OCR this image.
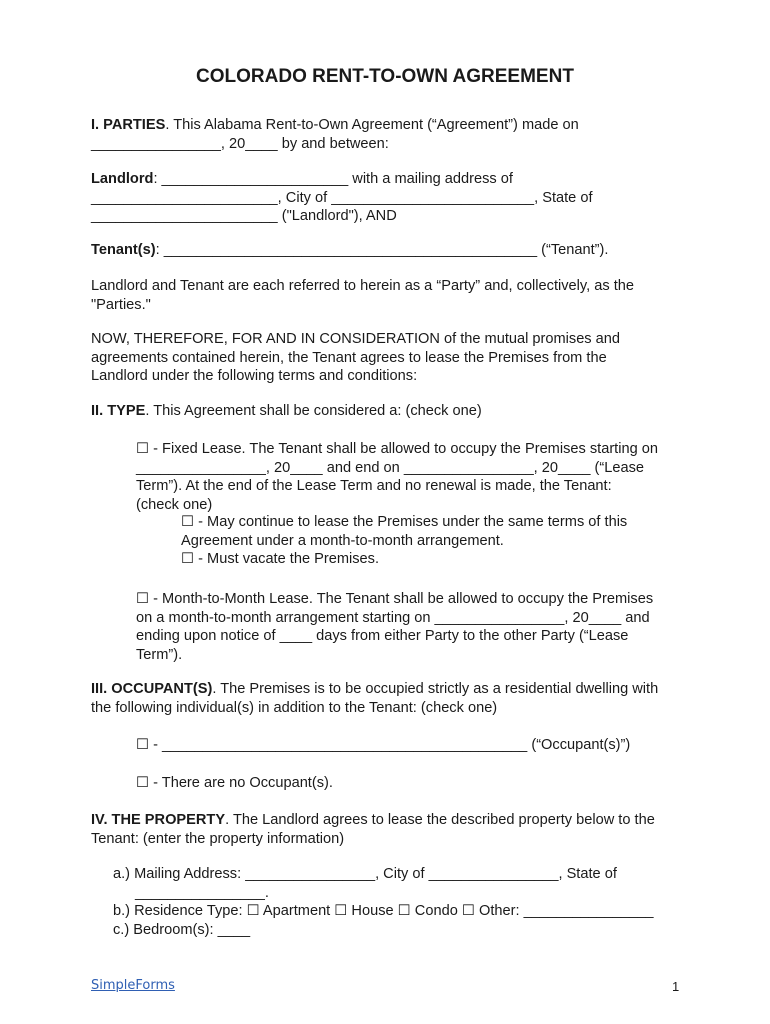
COLORADO RENT-TO-OWN AGREEMENT

I. PARTIES. This Alabama Rent-to-Own Agreement (“Agreement”) made on
________________, 20____ by and between:

Landlord: _______________________ with a mailing address of
_______________________, City of _________________________, State of
_______________________ ("Landlord"), AND

Tenant(s): ______________________________________________ (“Tenant”).

Landlord and Tenant are each referred to herein as a “Party” and, collectively, as the
"Parties."

NOW, THEREFORE, FOR AND IN CONSIDERATION of the mutual promises and
agreements contained herein, the Tenant agrees to lease the Premises from the
Landlord under the following terms and conditions:

II. TYPE. This Agreement shall be considered a: (check one)

☐ - Fixed Lease. The Tenant shall be allowed to occupy the Premises starting on
________________, 20____ and end on ________________, 20____ (“Lease
Term”). At the end of the Lease Term and no renewal is made, the Tenant:
(check one)

☐ - May continue to lease the Premises under the same terms of this
Agreement under a month-to-month arrangement.
☐ - Must vacate the Premises.

☐ - Month-to-Month Lease. The Tenant shall be allowed to occupy the Premises
on a month-to-month arrangement starting on ________________, 20____ and
ending upon notice of ____ days from either Party to the other Party (“Lease
Term”).

III. OCCUPANT(S). The Premises is to be occupied strictly as a residential dwelling with
the following individual(s) in addition to the Tenant: (check one)

☐ - _____________________________________________ (“Occupant(s)”)

☐ - There are no Occupant(s).

IV. THE PROPERTY. The Landlord agrees to lease the described property below to the
Tenant: (enter the property information)

a.) Mailing Address: ________________, City of ________________, State of
________________.
b.) Residence Type: ☐ Apartment ☐ House ☐ Condo ☐ Other: ________________
c.) Bedroom(s): ____

SimpleForms	1
